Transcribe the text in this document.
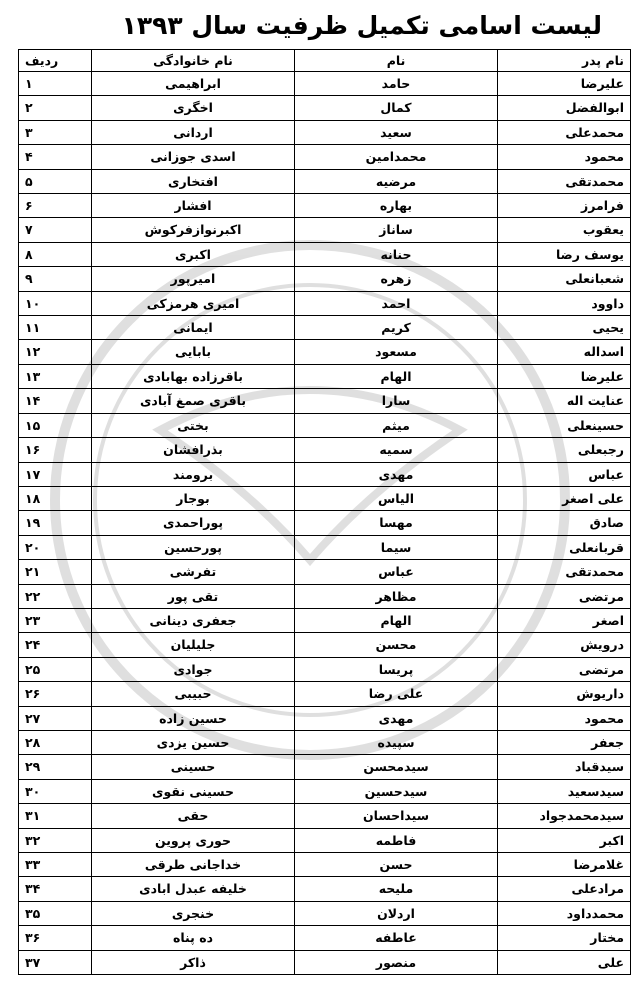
لیست اسامی تکمیل ظرفیت سال ۱۳۹۳
نام پدر	نام	نام خانوادگی	ردیف
علیرضا	حامد	ابراهیمی	۱
ابوالفضل	کمال	اخگری	۲
محمدعلی	سعید	اردانی	۳
محمود	محمدامین	اسدی جوزانی	۴
محمدتقی	مرضیه	افتخاری	۵
فرامرز	بهاره	افشار	۶
یعقوب	ساناز	اکبرنوازفرکوش	۷
یوسف رضا	حنانه	اکبری	۸
شعبانعلی	زهره	امیرپور	۹
داوود	احمد	امیری هرمزکی	۱۰
یحیی	کریم	ایمانی	۱۱
اسداله	مسعود	بابایی	۱۲
علیرضا	الهام	باقرزاده بهابادی	۱۳
عنایت اله	سارا	باقری صمغ آبادی	۱۴
حسینعلی	میثم	بختی	۱۵
رجبعلی	سمیه	بذرافشان	۱۶
عباس	مهدی	برومند	۱۷
علی اصغر	الیاس	بوجار	۱۸
صادق	مهسا	پوراحمدی	۱۹
قربانعلی	سیما	پورحسین	۲۰
محمدتقی	عباس	تفرشی	۲۱
مرتضی	مظاهر	تقی پور	۲۲
اصغر	الهام	جعفری دینانی	۲۳
درویش	محسن	جلیلیان	۲۴
مرتضی	پریسا	جوادی	۲۵
داریوش	علی رضا	حبیبی	۲۶
محمود	مهدی	حسین زاده	۲۷
جعفر	سپیده	حسین یزدی	۲۸
سیدقباد	سیدمحسن	حسینی	۲۹
سیدسعید	سیدحسین	حسینی نقوی	۳۰
سیدمحمدجواد	سیداحسان	حقی	۳۱
اکبر	فاطمه	حوری پروین	۳۲
غلامرضا	حسن	خداجانی طرقی	۳۳
مرادعلی	ملیحه	خلیفه عبدل ابادی	۳۴
محمدداود	اردلان	خنجری	۳۵
مختار	عاطفه	ده پناه	۳۶
علی	منصور	ذاکر	۳۷
